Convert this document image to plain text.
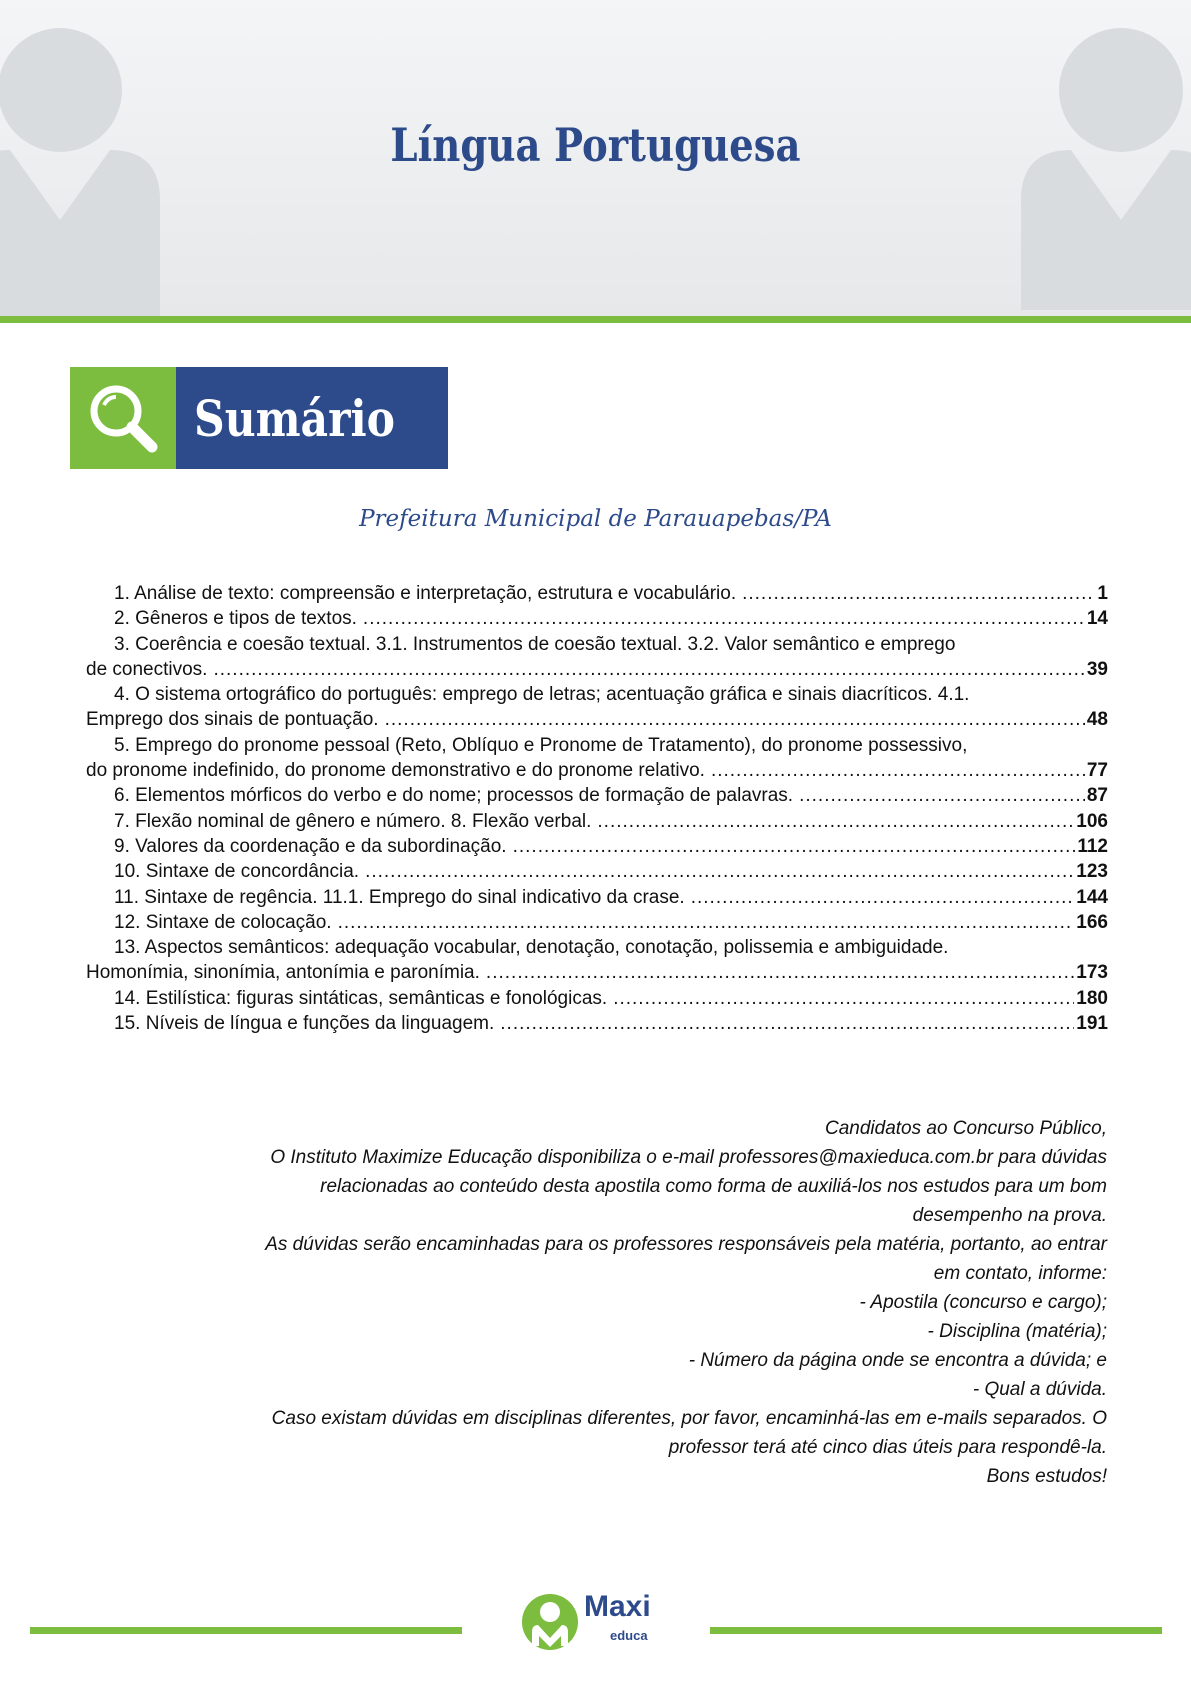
Língua Portuguesa
Sumário
Prefeitura Municipal de Parauapebas/PA
1. Análise de texto: compreensão e interpretação, estrutura e vocabulário. .....	1
2. Gêneros e tipos de textos. .....	14
3. Coerência e coesão textual. 3.1. Instrumentos de coesão textual. 3.2. Valor semântico e emprego
de conectivos. .....	39
4. O sistema ortográfico do português: emprego de letras; acentuação gráfica e sinais diacríticos. 4.1.
Emprego dos sinais de pontuação. .....	48
5. Emprego do pronome pessoal (Reto, Oblíquo e Pronome de Tratamento), do pronome possessivo,
do pronome indefinido, do pronome demonstrativo e do pronome relativo. .....	77
6. Elementos mórficos do verbo e do nome; processos de formação de palavras. .....	87
7. Flexão nominal de gênero e número. 8. Flexão verbal. .....	106
9. Valores da coordenação e da subordinação. .....	112
10. Sintaxe de concordância. .....	123
11. Sintaxe de regência. 11.1. Emprego do sinal indicativo da crase. .....	144
12. Sintaxe de colocação. .....	166
13. Aspectos semânticos: adequação vocabular, denotação, conotação, polissemia e ambiguidade.
Homonímia, sinonímia, antonímia e paronímia. .....	173
14. Estilística: figuras sintáticas, semânticas e fonológicas. .....	180
15. Níveis de língua e funções da linguagem. .....	191
Candidatos ao Concurso Público,
O Instituto Maximize Educação disponibiliza o e-mail professores@maxieduca.com.br para dúvidas
relacionadas ao conteúdo desta apostila como forma de auxiliá-los nos estudos para um bom
desempenho na prova.
As dúvidas serão encaminhadas para os professores responsáveis pela matéria, portanto, ao entrar
em contato, informe:
- Apostila (concurso e cargo);
- Disciplina (matéria);
- Número da página onde se encontra a dúvida; e
- Qual a dúvida.
Caso existam dúvidas em disciplinas diferentes, por favor, encaminhá-las em e-mails separados. O
professor terá até cinco dias úteis para respondê-la.
Bons estudos!
Maxi
educa
